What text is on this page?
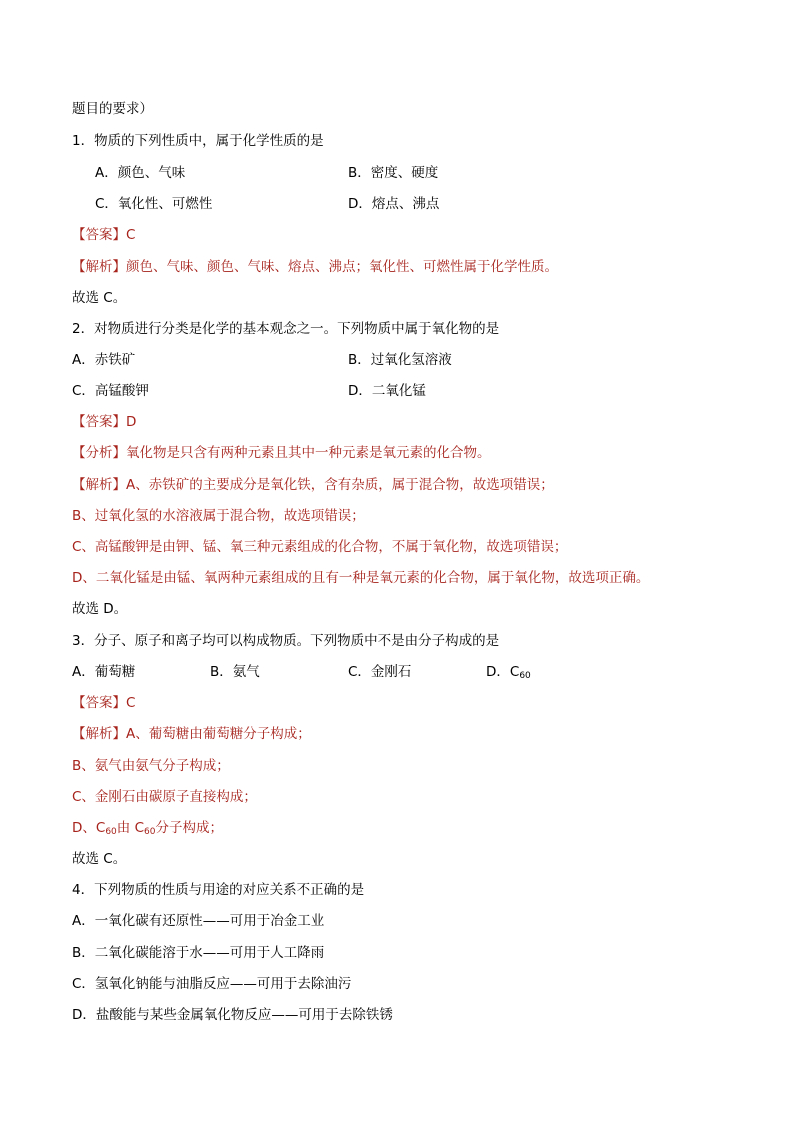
题目的要求）
1．物质的下列性质中，属于化学性质的是
A．颜色、气味	B．密度、硬度
C．氧化性、可燃性	D．熔点、沸点
【答案】C
【解析】颜色、气味、颜色、气味、熔点、沸点；氧化性、可燃性属于化学性质。
故选 C。
2．对物质进行分类是化学的基本观念之一。下列物质中属于氧化物的是
A．赤铁矿	B．过氧化氢溶液
C．高锰酸钾	D．二氧化锰
【答案】D
【分析】氧化物是只含有两种元素且其中一种元素是氧元素的化合物。
【解析】A、赤铁矿的主要成分是氧化铁，含有杂质，属于混合物，故选项错误；
B、过氧化氢的水溶液属于混合物，故选项错误；
C、高锰酸钾是由钾、锰、氧三种元素组成的化合物，不属于氧化物，故选项错误；
D、二氧化锰是由锰、氧两种元素组成的且有一种是氧元素的化合物，属于氧化物，故选项正确。
故选 D。
3．分子、原子和离子均可以构成物质。下列物质中不是由分子构成的是
A．葡萄糖	B．氨气	C．金刚石	D．$C_{60}$
【答案】C
【解析】A、葡萄糖由葡萄糖分子构成；
B、氨气由氨气分子构成；
C、金刚石由碳原子直接构成；
D、$C_{60}$由 $C_{60}$分子构成；
故选 C。
4．下列物质的性质与用途的对应关系不正确的是
A．一氧化碳有还原性——可用于冶金工业
B．二氧化碳能溶于水——可用于人工降雨
C．氢氧化钠能与油脂反应——可用于去除油污
D．盐酸能与某些金属氧化物反应——可用于去除铁锈
